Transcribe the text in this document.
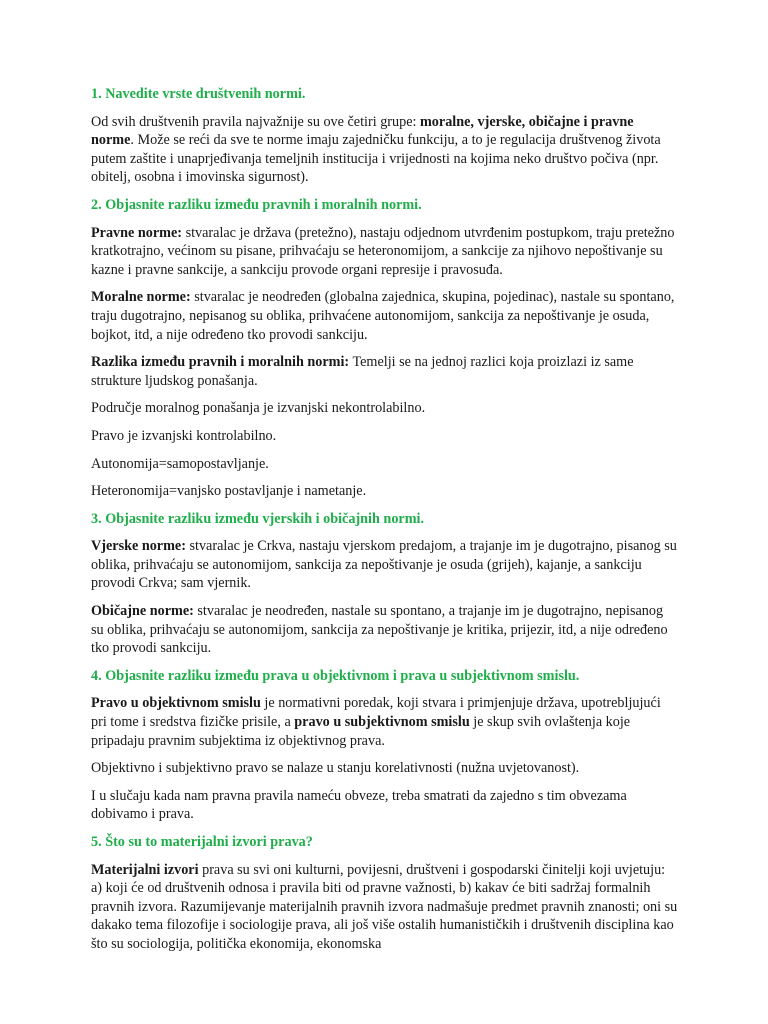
1. Navedite vrste društvenih normi.
Od svih društvenih pravila najvažnije su ove četiri grupe: moralne, vjerske, običajne i pravne norme. Može se reći da sve te norme imaju zajedničku funkciju, a to je regulacija društvenog života putem zaštite i unaprjeđivanja temeljnih institucija i vrijednosti na kojima neko društvo počiva (npr. obitelj, osobna i imovinska sigurnost).
2. Objasnite razliku između pravnih i moralnih normi.
Pravne norme: stvaralac je država (pretežno), nastaju odjednom utvrđenim postupkom, traju pretežno kratkotrajno, većinom su pisane, prihvaćaju se heteronomijom, a sankcije za njihovo nepoštivanje su kazne i pravne sankcije, a sankciju provode organi represije i pravosuđa.
Moralne norme: stvaralac je neodređen (globalna zajednica, skupina, pojedinac), nastale su spontano, traju dugotrajno, nepisanog su oblika, prihvaćene autonomijom, sankcija za nepoštivanje je osuda, bojkot, itd, a nije određeno tko provodi sankciju.
Razlika između pravnih i moralnih normi: Temelji se na jednoj razlici koja proizlazi iz same strukture ljudskog ponašanja.
Područje moralnog ponašanja je izvanjski nekontrolabilno.
Pravo je izvanjski kontrolabilno.
Autonomija=samopostavljanje.
Heteronomija=vanjsko postavljanje i nametanje.
3. Objasnite razliku između vjerskih i običajnih normi.
Vjerske norme: stvaralac je Crkva, nastaju vjerskom predajom, a trajanje im je dugotrajno, pisanog su oblika, prihvaćaju se autonomijom, sankcija za nepoštivanje je osuda (grijeh), kajanje, a sankciju provodi Crkva; sam vjernik.
Običajne norme: stvaralac je neodređen, nastale su spontano, a trajanje im je dugotrajno, nepisanog su oblika, prihvaćaju se autonomijom, sankcija za nepoštivanje je kritika, prijezir, itd, a nije određeno tko provodi sankciju.
4. Objasnite razliku između prava u objektivnom i prava u subjektivnom smislu.
Pravo u objektivnom smislu je normativni poredak, koji stvara i primjenjuje država, upotrebljujući pri tome i sredstva fizičke prisile, a pravo u subjektivnom smislu je skup svih ovlaštenja koje pripadaju pravnim subjektima iz objektivnog prava.
Objektivno i subjektivno pravo se nalaze u stanju korelativnosti (nužna uvjetovanost).
I u slučaju kada nam pravna pravila nameću obveze, treba smatrati da zajedno s tim obvezama dobivamo i prava.
5. Što su to materijalni izvori prava?
Materijalni izvori prava su svi oni kulturni, povijesni, društveni i gospodarski činitelji koji uvjetuju: a) koji će od društvenih odnosa i pravila biti od pravne važnosti, b) kakav će biti sadržaj formalnih pravnih izvora. Razumijevanje materijalnih pravnih izvora nadmašuje predmet pravnih znanosti; oni su dakako tema filozofije i sociologije prava, ali još više ostalih humanističkih i društvenih disciplina kao što su sociologija, politička ekonomija, ekonomska
